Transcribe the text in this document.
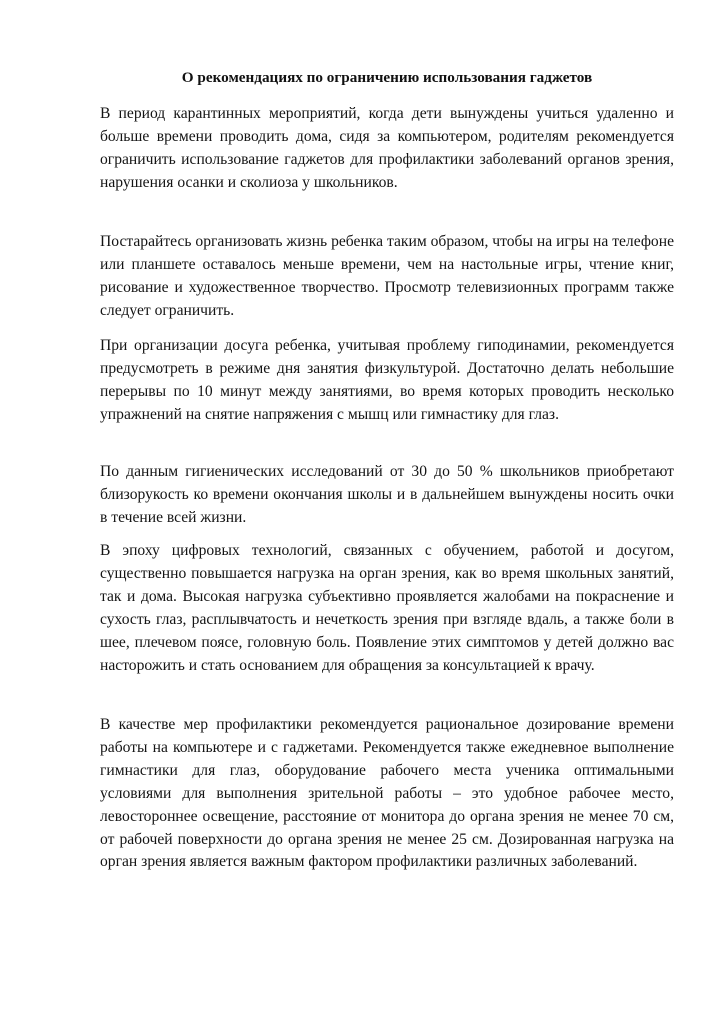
О рекомендациях по ограничению использования гаджетов

В период карантинных мероприятий, когда дети вынуждены учиться удаленно и больше времени проводить дома, сидя за компьютером, родителям рекомендуется ограничить использование гаджетов для профилактики заболеваний органов зрения, нарушения осанки и сколиоза у школьников.

Постарайтесь организовать жизнь ребенка таким образом, чтобы на игры на телефоне или планшете оставалось меньше времени, чем на настольные игры, чтение книг, рисование и художественное творчество. Просмотр телевизионных программ также следует ограничить.

При организации досуга ребенка, учитывая проблему гиподинамии, рекомендуется предусмотреть в режиме дня занятия физкультурой. Достаточно делать небольшие перерывы по 10 минут между занятиями, во время которых проводить несколько упражнений на снятие напряжения с мышц или гимнастику для глаз.

По данным гигиенических исследований от 30 до 50 % школьников приобретают близорукость ко времени окончания школы и в дальнейшем вынуждены носить очки в течение всей жизни.

В эпоху цифровых технологий, связанных с обучением, работой и досугом, существенно повышается нагрузка на орган зрения, как во время школьных занятий, так и дома. Высокая нагрузка субъективно проявляется жалобами на покраснение и сухость глаз, расплывчатость и нечеткость зрения при взгляде вдаль, а также боли в шее, плечевом поясе, головную боль. Появление этих симптомов у детей должно вас насторожить и стать основанием для обращения за консультацией к врачу.

В качестве мер профилактики рекомендуется рациональное дозирование времени работы на компьютере и с гаджетами. Рекомендуется также ежедневное выполнение гимнастики для глаз, оборудование рабочего места ученика оптимальными условиями для выполнения зрительной работы – это удобное рабочее место, левостороннее освещение, расстояние от монитора до органа зрения не менее 70 см, от рабочей поверхности до органа зрения не менее 25 см. Дозированная нагрузка на орган зрения является важным фактором профилактики различных заболеваний.
